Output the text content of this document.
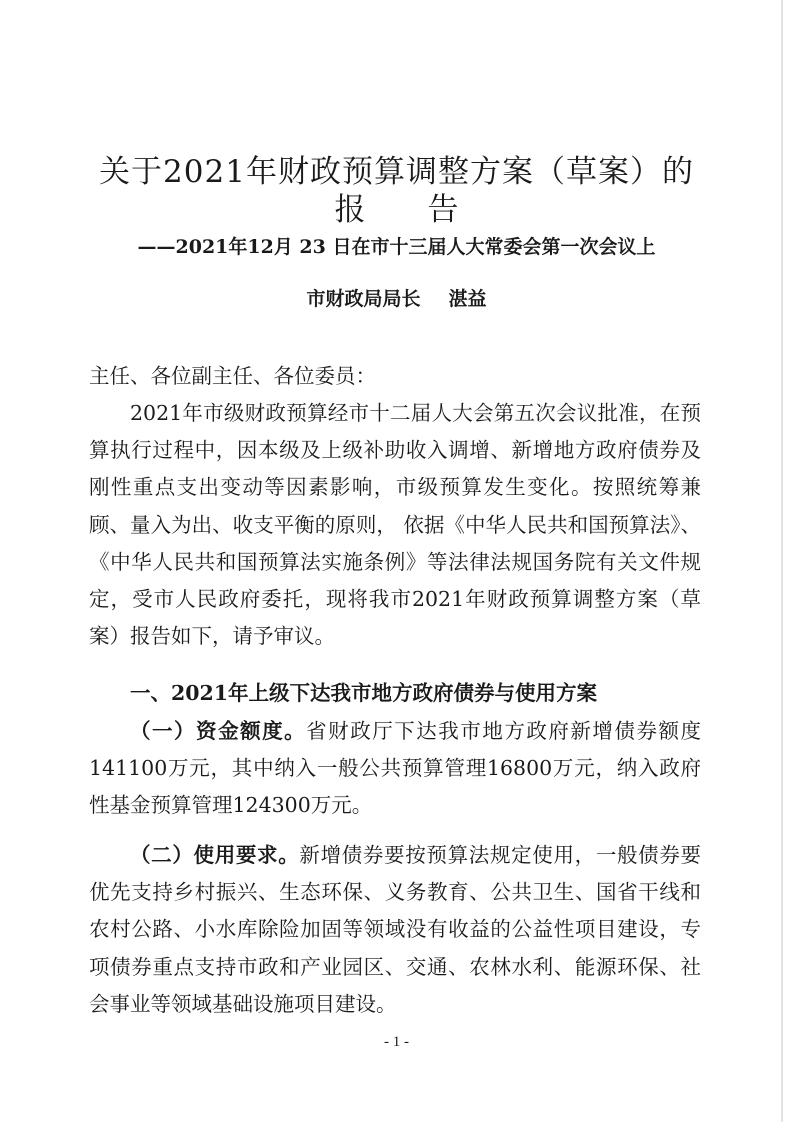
关于2021年财政预算调整方案（草案）的
报 告
——2021年12月 23 日在市十三届人大常委会第一次会议上
市财政局局长 湛益

主任、各位副主任、各位委员：

2021年市级财政预算经市十二届人大会第五次会议批准，在预算执行过程中，因本级及上级补助收入调增、新增地方政府债券及刚性重点支出变动等因素影响，市级预算发生变化。按照统筹兼顾、量入为出、收支平衡的原则， 依据《中华人民共和国预算法》、《中华人民共和国预算法实施条例》等法律法规国务院有关文件规定，受市人民政府委托，现将我市2021年财政预算调整方案（草案）报告如下，请予审议。

一、2021年上级下达我市地方政府债券与使用方案

（一）资金额度。省财政厅下达我市地方政府新增债券额度141100万元，其中纳入一般公共预算管理16800万元，纳入政府性基金预算管理124300万元。

（二）使用要求。新增债券要按预算法规定使用，一般债券要优先支持乡村振兴、生态环保、义务教育、公共卫生、国省干线和农村公路、小水库除险加固等领域没有收益的公益性项目建设，专项债券重点支持市政和产业园区、交通、农林水利、能源环保、社会事业等领域基础设施项目建设。

- 1 -
